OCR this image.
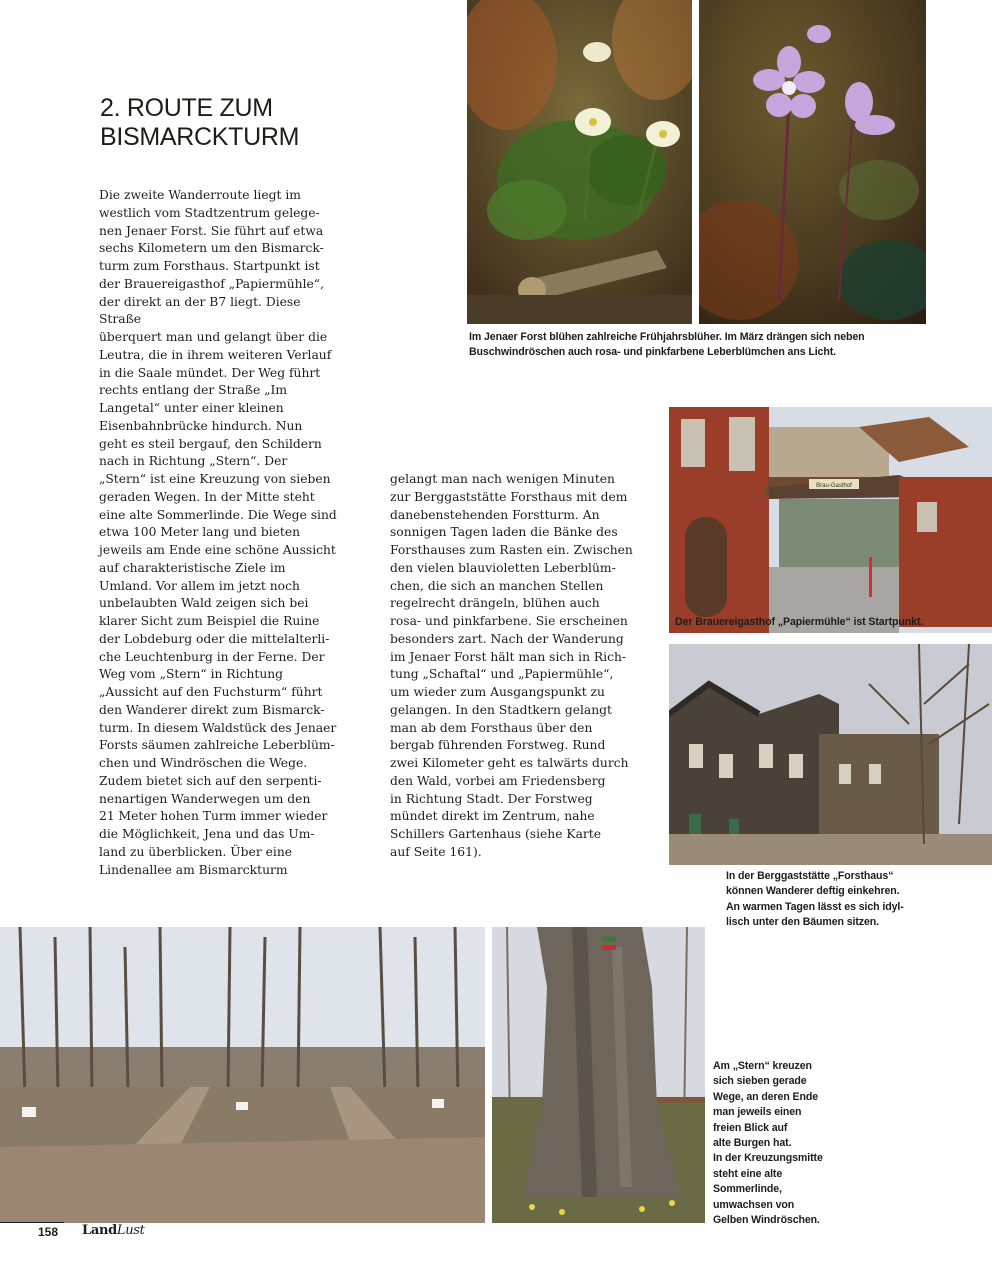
2. ROUTE ZUM BISMARCKTURM

Die zweite Wanderroute liegt im
westlich vom Stadtzentrum gelege-
nen Jenaer Forst. Sie führt auf etwa
sechs Kilometern um den Bismarck-
turm zum Forsthaus. Startpunkt ist
der Brauereigasthof „Papiermühle“,
der direkt an der B7 liegt. Diese Straße
überquert man und gelangt über die
Leutra, die in ihrem weiteren Verlauf
in die Saale mündet. Der Weg führt
rechts entlang der Straße „Im
Langetal“ unter einer kleinen
Eisenbahnbrücke hindurch. Nun
geht es steil bergauf, den Schildern
nach in Richtung „Stern“. Der
„Stern“ ist eine Kreuzung von sieben
geraden Wegen. In der Mitte steht
eine alte Sommerlinde. Die Wege sind
etwa 100 Meter lang und bieten
jeweils am Ende eine schöne Aussicht
auf charakteristische Ziele im
Umland. Vor allem im jetzt noch
unbelaubten Wald zeigen sich bei
klarer Sicht zum Beispiel die Ruine
der Lobdeburg oder die mittelalterli-
che Leuchtenburg in der Ferne. Der
Weg vom „Stern“ in Richtung
„Aussicht auf den Fuchsturm“ führt
den Wanderer direkt zum Bismarck-
turm. In diesem Waldstück des Jenaer
Forsts säumen zahlreiche Leberblüm-
chen und Windröschen die Wege.
Zudem bietet sich auf den serpenti-
nenartigen Wanderwegen um den
21 Meter hohen Turm immer wieder
die Möglichkeit, Jena und das Um-
land zu überblicken. Über eine
Lindenallee am Bismarckturm

gelangt man nach wenigen Minuten
zur Berggaststätte Forsthaus mit dem
danebenstehenden Forstturm. An
sonnigen Tagen laden die Bänke des
Forsthauses zum Rasten ein. Zwischen
den vielen blauvioletten Leberblüm-
chen, die sich an manchen Stellen
regelrecht drängeln, blühen auch
rosa- und pinkfarbene. Sie erscheinen
besonders zart. Nach der Wanderung
im Jenaer Forst hält man sich in Rich-
tung „Schaftal“ und „Papiermühle“,
um wieder zum Ausgangspunkt zu
gelangen. In den Stadtkern gelangt
man ab dem Forsthaus über den
bergab führenden Forstweg. Rund
zwei Kilometer geht es talwärts durch
den Wald, vorbei am Friedensberg
in Richtung Stadt. Der Forstweg
mündet direkt im Zentrum, nahe
Schillers Gartenhaus (siehe Karte
auf Seite 161).

Im Jenaer Forst blühen zahlreiche Frühjahrsblüher. Im März drängen sich neben
Buschwindröschen auch rosa- und pinkfarbene Leberblümchen ans Licht.

Brau-Gasthof

Der Brauereigasthof „Papiermühle“ ist Startpunkt.

In der Berggaststätte „Forsthaus“
können Wanderer deftig einkehren.
An warmen Tagen lässt es sich idyl-
lisch unter den Bäumen sitzen.

Am „Stern“ kreuzen
sich sieben gerade
Wege, an deren Ende
man jeweils einen
freien Blick auf
alte Burgen hat.
In der Kreuzungsmitte
steht eine alte
Sommerlinde,
umwachsen von
Gelben Windröschen.

158 LandLust
